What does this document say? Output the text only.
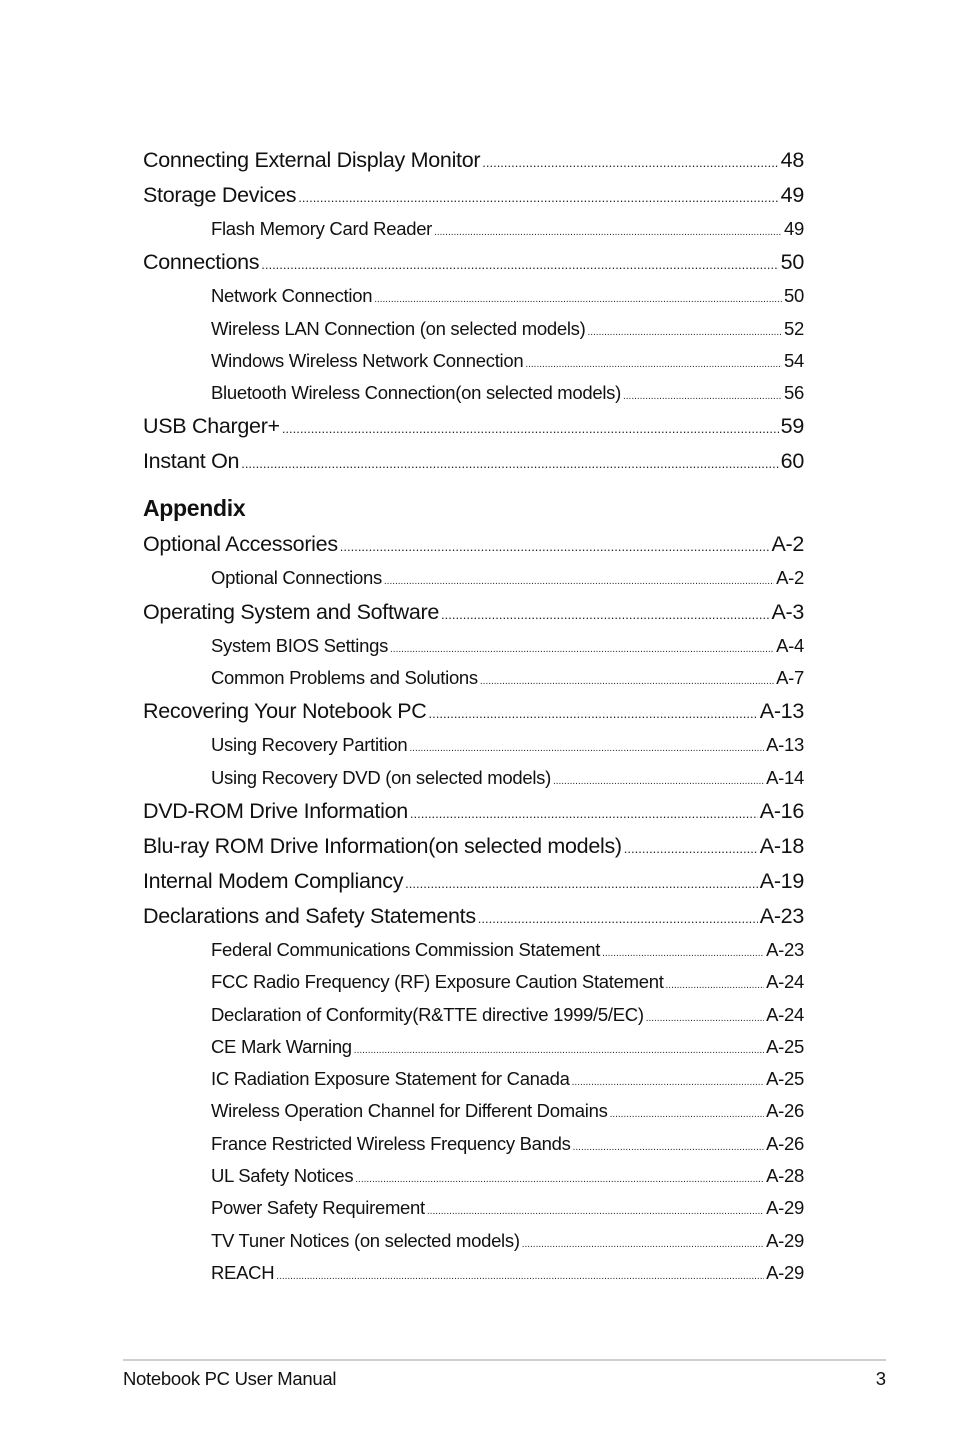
Connecting External Display Monitor .....	48
Storage Devices .....	49
Flash Memory Card Reader .....	49
Connections .....	50
Network Connection .....	50
Wireless LAN Connection (on selected models) .....	52
Windows Wireless Network Connection .....	54
Bluetooth Wireless Connection(on selected models) .....	56
USB Charger+ .....	59
Instant On .....	60
Appendix
Optional Accessories .....	A-2
Optional Connections .....	A-2
Operating System and Software .....	A-3
System BIOS Settings .....	A-4
Common Problems and Solutions .....	A-7
Recovering Your Notebook PC .....	A-13
Using Recovery Partition .....	A-13
Using Recovery DVD (on selected models) .....	A-14
DVD-ROM Drive Information .....	A-16
Blu-ray ROM Drive Information(on selected models) .....	A-18
Internal Modem Compliancy .....	A-19
Declarations and Safety Statements .....	A-23
Federal Communications Commission Statement .....	A-23
FCC Radio Frequency (RF) Exposure Caution Statement .....	A-24
Declaration of Conformity(R&TTE directive 1999/5/EC) .....	A-24
CE Mark Warning .....	A-25
IC Radiation Exposure Statement for Canada .....	A-25
Wireless Operation Channel for Different Domains .....	A-26
France Restricted Wireless Frequency Bands .....	A-26
UL Safety Notices .....	A-28
Power Safety Requirement .....	A-29
TV Tuner Notices (on selected models) .....	A-29
REACH .....	A-29
Notebook PC User Manual	3
